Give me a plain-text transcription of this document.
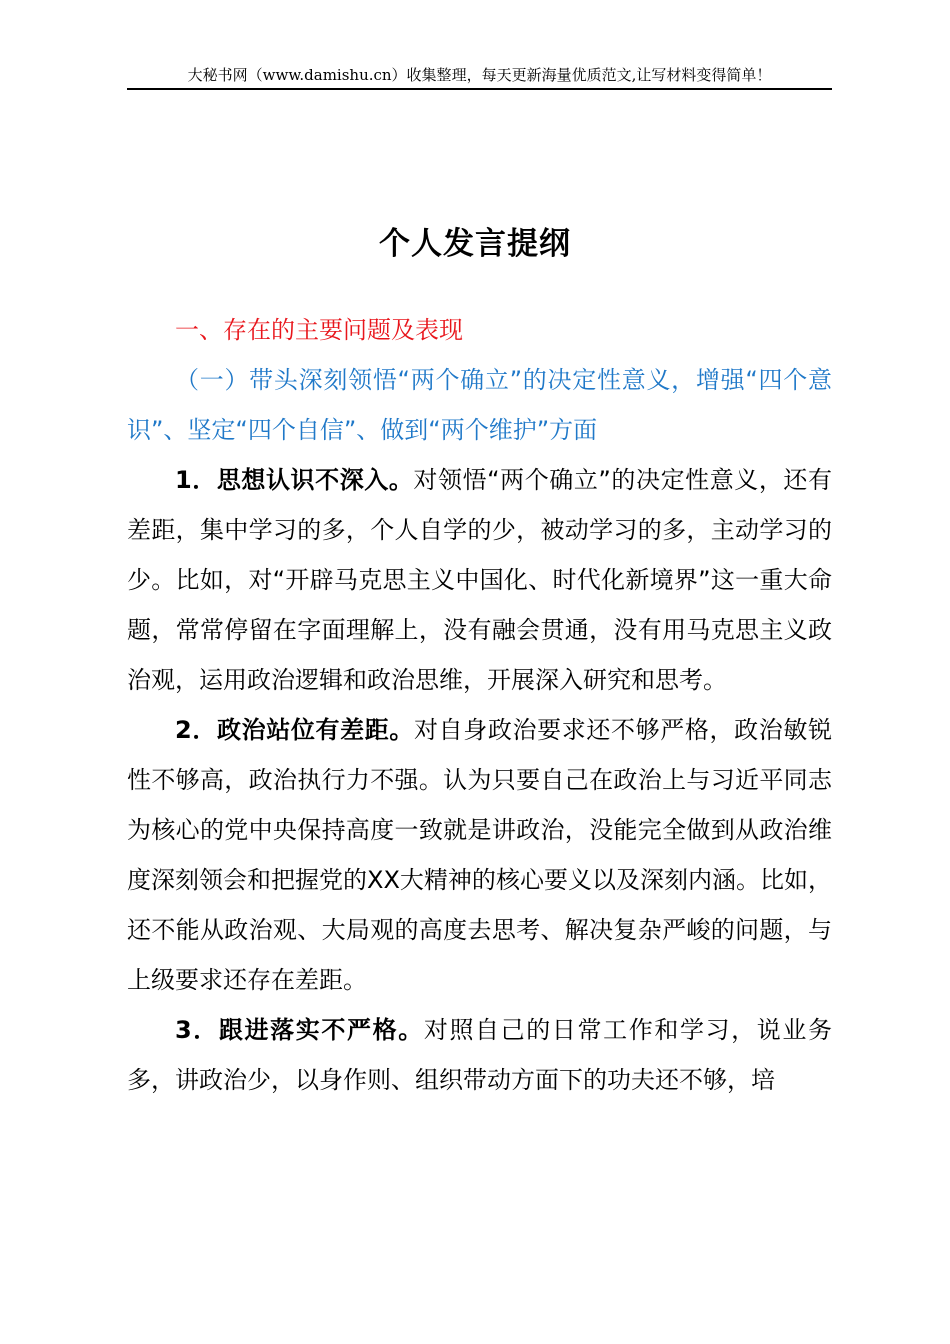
大秘书网（www.damishu.cn）收集整理，每天更新海量优质范文,让写材料变得简单！
个人发言提纲

一、存在的主要问题及表现

（一）带头深刻领悟“两个确立”的决定性意义，增强“四个意识”、坚定“四个自信”、做到“两个维护”方面

1．思想认识不深入。对领悟“两个确立”的决定性意义，还有差距，集中学习的多，个人自学的少，被动学习的多，主动学习的少。比如，对“开辟马克思主义中国化、时代化新境界”这一重大命题，常常停留在字面理解上，没有融会贯通，没有用马克思主义政治观，运用政治逻辑和政治思维，开展深入研究和思考。

2．政治站位有差距。对自身政治要求还不够严格，政治敏锐性不够高，政治执行力不强。认为只要自己在政治上与习近平同志为核心的党中央保持高度一致就是讲政治，没能完全做到从政治维度深刻领会和把握党的XX大精神的核心要义以及深刻内涵。比如，还不能从政治观、大局观的高度去思考、解决复杂严峻的问题，与上级要求还存在差距。

3．跟进落实不严格。对照自己的日常工作和学习，说业务多，讲政治少，以身作则、组织带动方面下的功夫还不够，培
